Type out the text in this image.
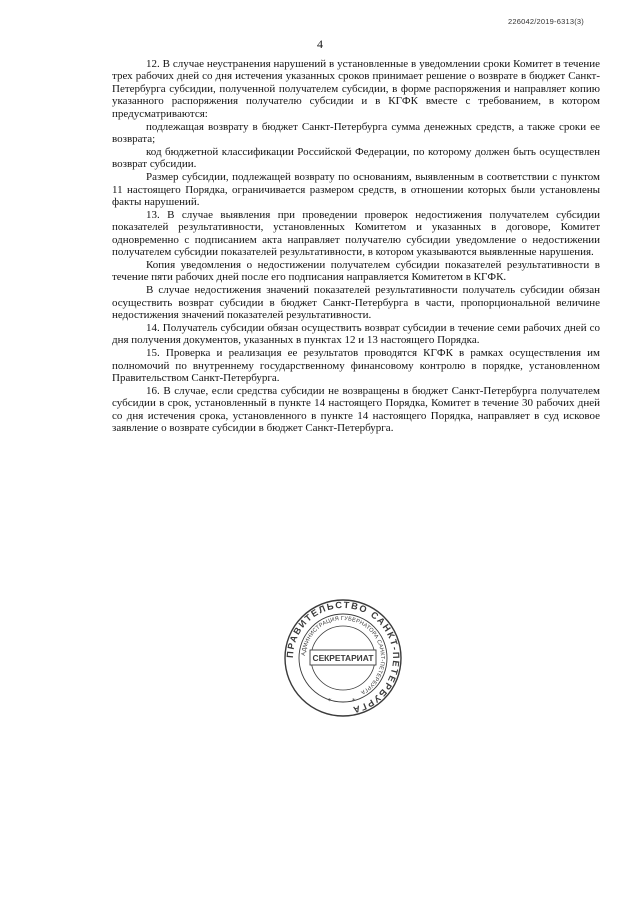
226042/2019-6313(3)
4

12. В случае неустранения нарушений в установленные в уведомлении сроки Комитет в течение трех рабочих дней со дня истечения указанных сроков принимает решение о возврате в бюджет Санкт-Петербурга субсидии, полученной получателем субсидии, в форме распоряжения и направляет копию указанного распоряжения получателю субсидии и в КГФК вместе с требованием, в котором предусматриваются:

подлежащая возврату в бюджет Санкт-Петербурга сумма денежных средств, а также сроки ее возврата;

код бюджетной классификации Российской Федерации, по которому должен быть осуществлен возврат субсидии.

Размер субсидии, подлежащей возврату по основаниям, выявленным в соответствии с пунктом 11 настоящего Порядка, ограничивается размером средств, в отношении которых были установлены факты нарушений.

13. В случае выявления при проведении проверок недостижения получателем субсидии показателей результативности, установленных Комитетом и указанных в договоре, Комитет одновременно с подписанием акта направляет получателю субсидии уведомление о недостижении получателем субсидии показателей результативности, в котором указываются выявленные нарушения.

Копия уведомления о недостижении получателем субсидии показателей результативности в течение пяти рабочих дней после его подписания направляется Комитетом в КГФК.

В случае недостижения значений показателей результативности получатель субсидии обязан осуществить возврат субсидии в бюджет Санкт-Петербурга в части, пропорциональной величине недостижения значений показателей результативности.

14. Получатель субсидии обязан осуществить возврат субсидии в течение семи рабочих дней со дня получения документов, указанных в пунктах 12 и 13 настоящего Порядка.

15. Проверка и реализация ее результатов проводятся КГФК в рамках осуществления им полномочий по внутреннему государственному финансовому контролю в порядке, установленном Правительством Санкт-Петербурга.

16. В случае, если средства субсидии не возвращены в бюджет Санкт-Петербурга получателем субсидии в срок, установленный в пункте 14 настоящего Порядка, Комитет в течение 30 рабочих дней со дня истечения срока, установленного в пункте 14 настоящего Порядка, направляет в суд исковое заявление о возврате субсидии в бюджет Санкт-Петербурга.

ПРАВИТЕЛЬСТВО САНКТ-ПЕТЕРБУРГА
АДМИНИСТРАЦИЯ ГУБЕРНАТОРА САНКТ-ПЕТЕРБУРГА
*	*
СЕКРЕТАРИАТ
